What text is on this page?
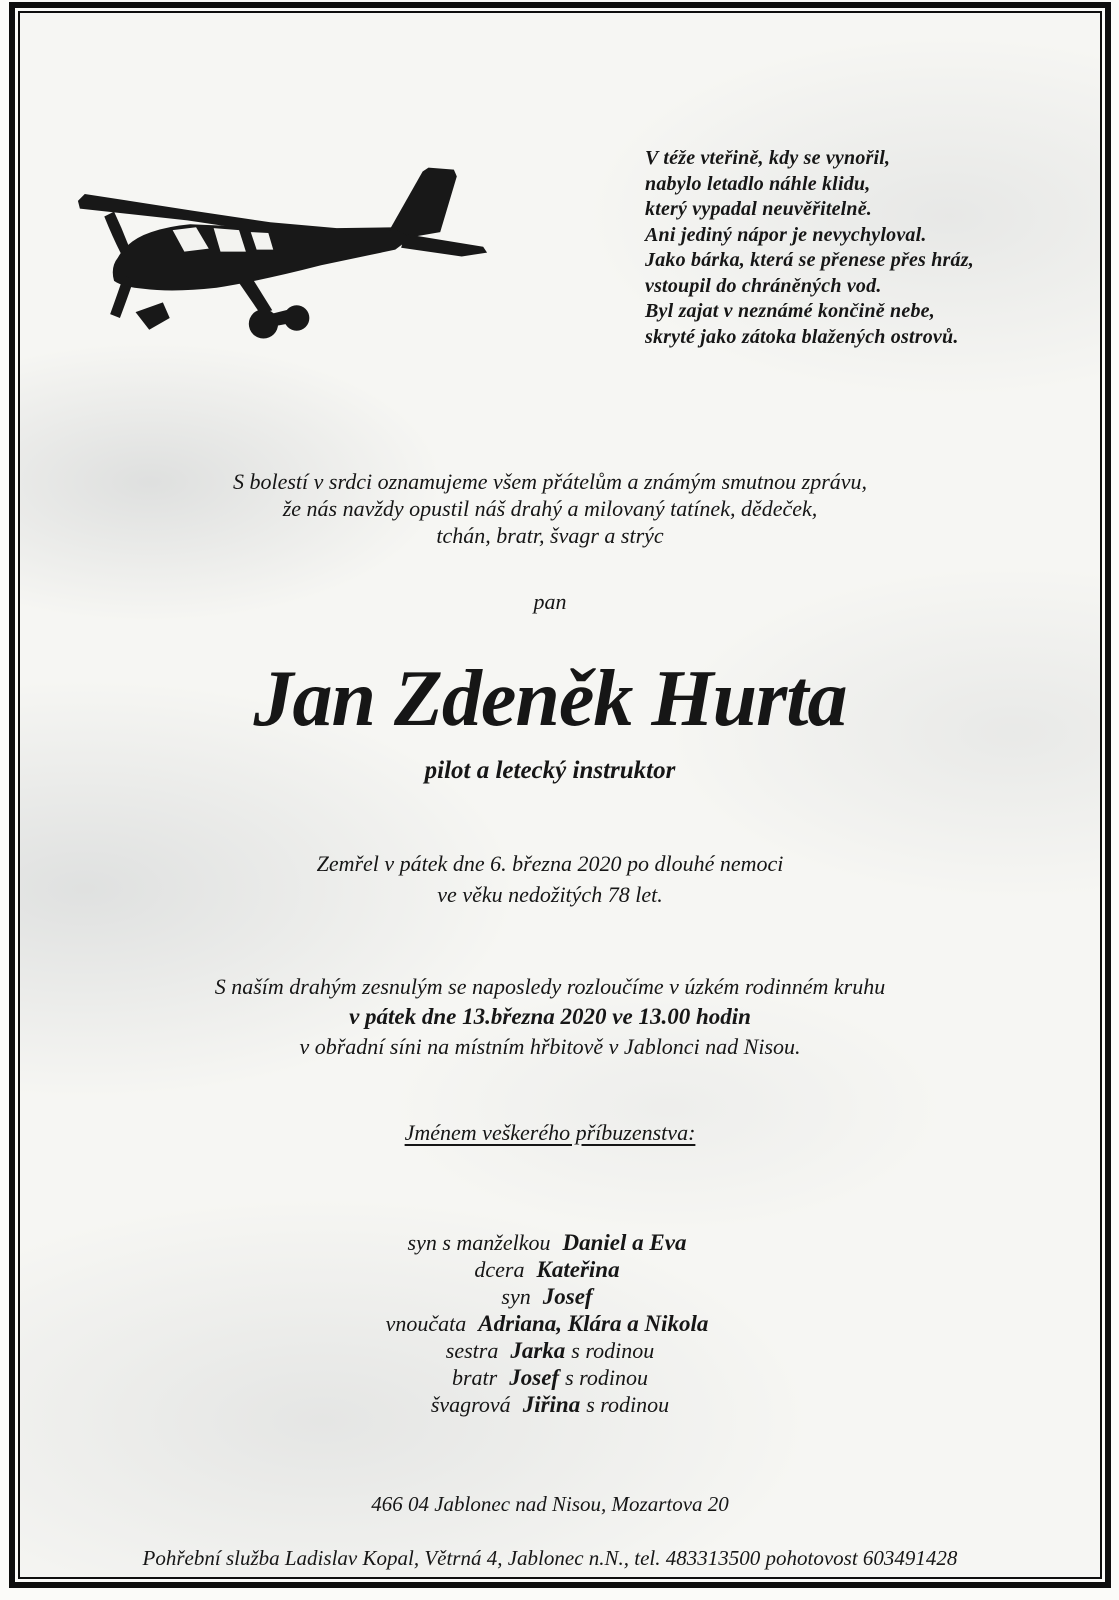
V téže vteřině, kdy se vynořil,
nabylo letadlo náhle klidu,
který vypadal neuvěřitelně.
Ani jediný nápor je nevychyloval.
Jako bárka, která se přenese přes hráz,
vstoupil do chráněných vod.
Byl zajat v neznámé končině nebe,
skryté jako zátoka blažených ostrovů.
S bolestí v srdci oznamujeme všem přátelům a známým smutnou zprávu,
že nás navždy opustil náš drahý a milovaný tatínek, dědeček,
tchán, bratr, švagr a strýc
pan
Jan Zdeněk Hurta
pilot a letecký instruktor
Zemřel v pátek dne 6. března 2020 po dlouhé nemoci
ve věku nedožitých 78 let.
S naším drahým zesnulým se naposledy rozloučíme v úzkém rodinném kruhu
v pátek dne 13.března 2020 ve 13.00 hodin
v obřadní síni na místním hřbitově v Jablonci nad Nisou.
Jménem veškerého příbuzenstva:
syn s manželkou Daniel a Eva
dcera Kateřina
syn Josef
vnoučata Adriana, Klára a Nikola
sestra Jarka s rodinou
bratr Josef s rodinou
švagrová Jiřina s rodinou
466 04 Jablonec nad Nisou, Mozartova 20
Pohřební služba Ladislav Kopal, Větrná 4, Jablonec n.N., tel. 483313500 pohotovost 603491428
